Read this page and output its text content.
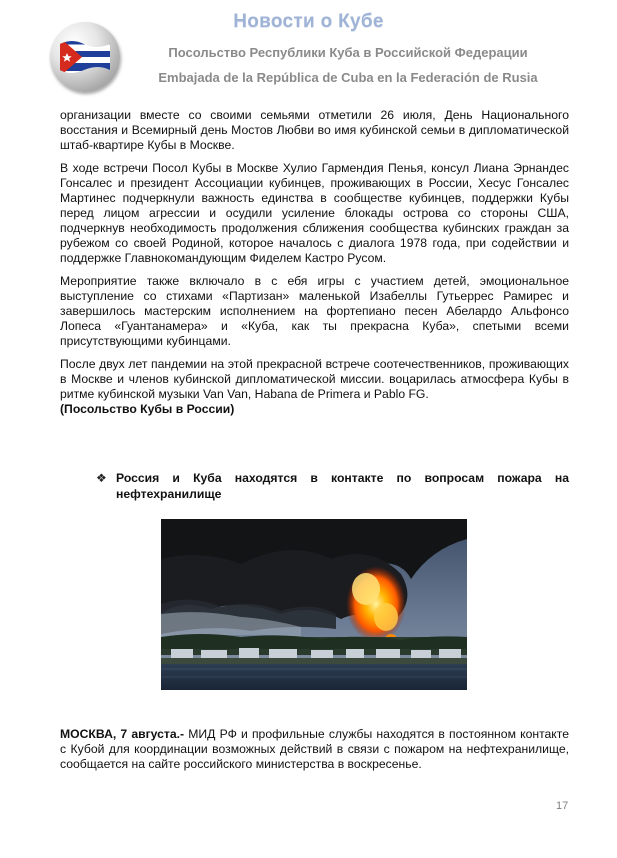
Новости о Кубе
Посольство Республики Куба в Российской Федерации
Embajada de la República de Cuba en la Federación de Rusia

организации вместе со своими семьями отметили 26 июля, День Национального восстания и Всемирный день Мостов Любви во имя кубинской семьи в дипломатической штаб-квартире Кубы в Москве.

В ходе встречи Посол Кубы в Москве Хулио Гармендия Пенья, консул Лиана Эрнандес Гонсалес и президент Ассоциации кубинцев, проживающих в России, Хесус Гонсалес Мартинес подчеркнули важность единства в сообществе кубинцев, поддержки Кубы перед лицом агрессии и осудили усиление блокады острова со стороны США, подчеркнув необходимость продолжения сближения сообщества кубинских граждан за рубежом со своей Родиной, которое началось с диалога 1978 года, при содействии и поддержке Главнокомандующим Фиделем Кастро Русом.

Мероприятие также включало в с ебя игры с участием детей, эмоциональное выступление со стихами «Партизан» маленькой Изабеллы Гутьеррес Рамирес и завершилось мастерским исполнением на фортепиано песен Абелардо Альфонсо Лопеса «Гуантанамера» и «Куба, как ты прекрасна Куба», спетыми всеми присутствующими кубинцами.

После двух лет пандемии на этой прекрасной встрече соотечественников, проживающих в Москве и членов кубинской дипломатической миссии. воцарилась атмосфера Кубы в ритме кубинской музыки Van Van, Habana de Primera и Pablo FG.

(Посольство Кубы в России)
❖ Россия и Куба находятся в контакте по вопросам пожара на нефтехранилище
МОСКВА, 7 августа.- МИД РФ и профильные службы находятся в постоянном контакте с Кубой для координации возможных действий в связи с пожаром на нефтехранилище, сообщается на сайте российского министерства в воскресенье.
17
